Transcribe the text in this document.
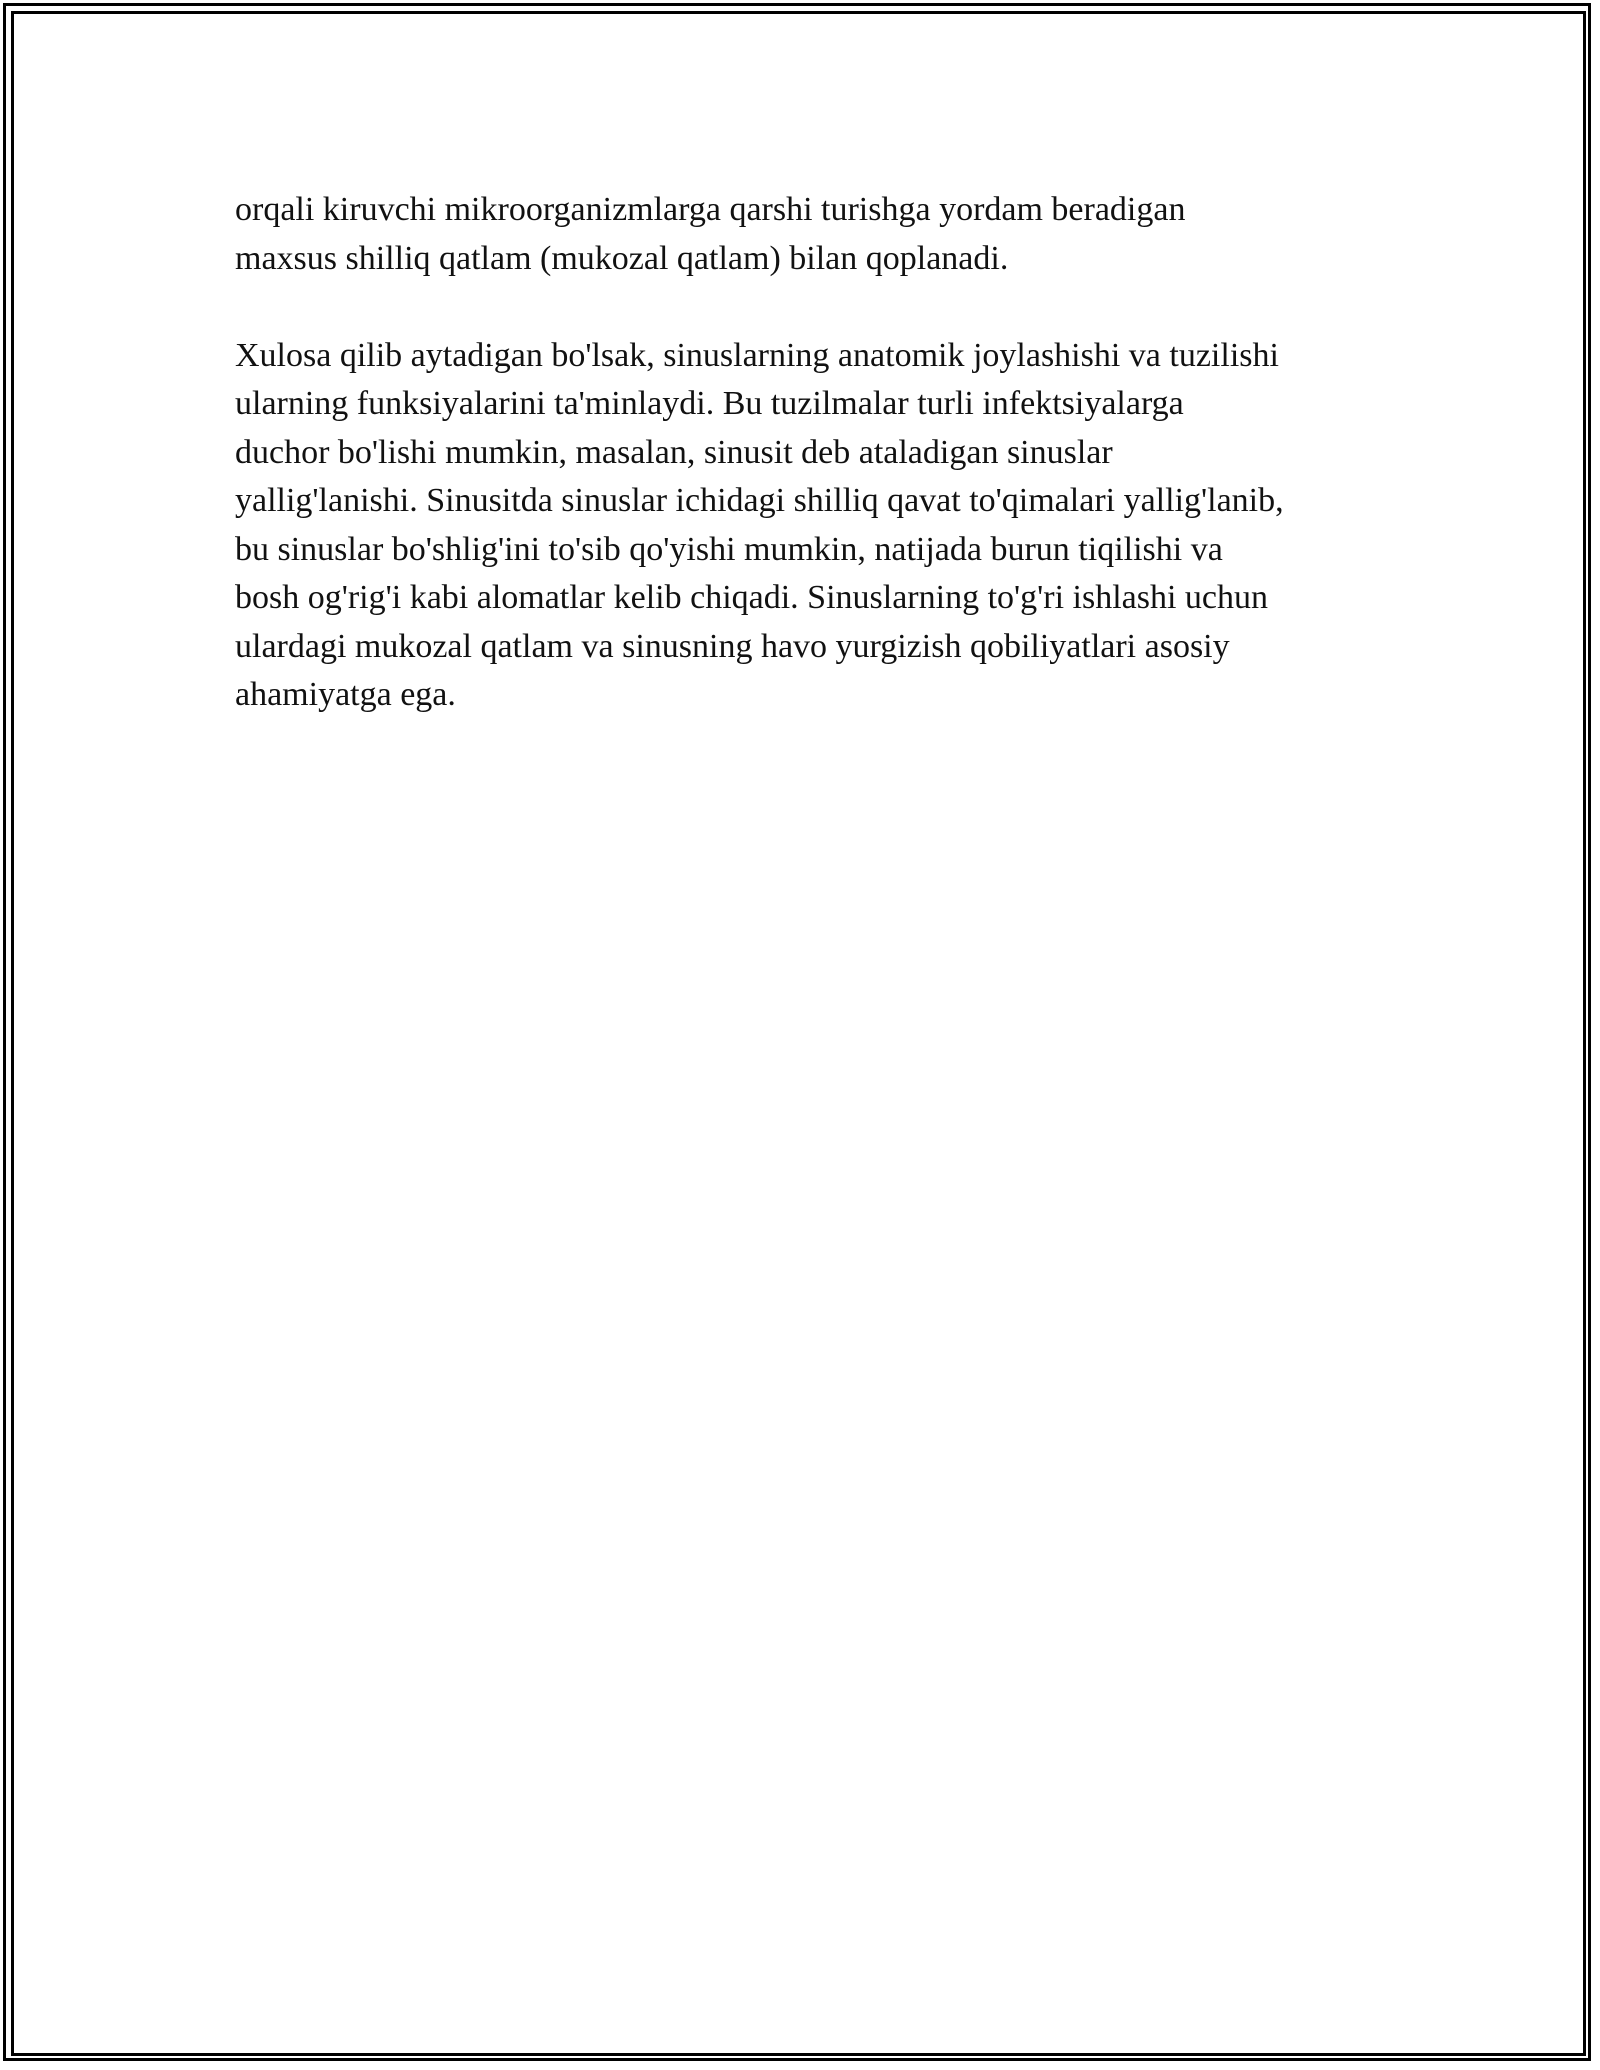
orqali kiruvchi mikroorganizmlarga qarshi turishga yordam beradigan
maxsus shilliq qatlam (mukozal qatlam) bilan qoplanadi.

Xulosa qilib aytadigan bo'lsak, sinuslarning anatomik joylashishi va tuzilishi
ularning funksiyalarini ta'minlaydi. Bu tuzilmalar turli infektsiyalarga
duchor bo'lishi mumkin, masalan, sinusit deb ataladigan sinuslar
yallig'lanishi. Sinusitda sinuslar ichidagi shilliq qavat to'qimalari yallig'lanib,
bu sinuslar bo'shlig'ini to'sib qo'yishi mumkin, natijada burun tiqilishi va
bosh og'rig'i kabi alomatlar kelib chiqadi. Sinuslarning to'g'ri ishlashi uchun
ulardagi mukozal qatlam va sinusning havo yurgizish qobiliyatlari asosiy
ahamiyatga ega.
